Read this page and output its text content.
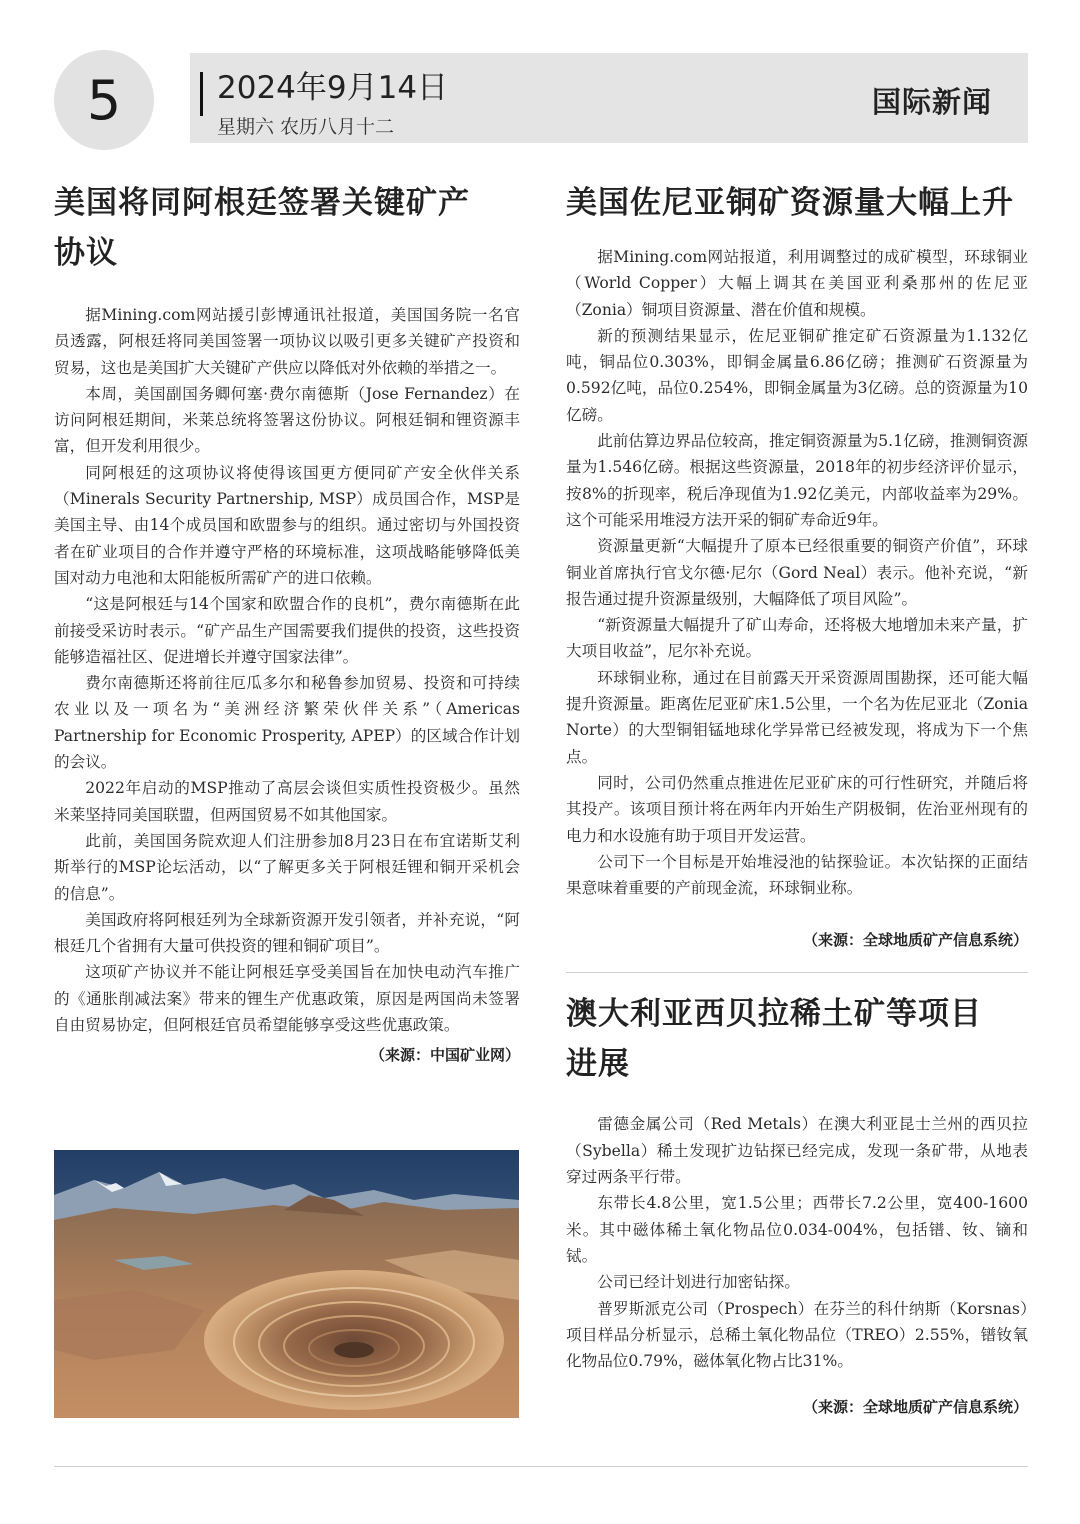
5	2024年9月14日
星期六 农历八月十二
国际新闻
美国将同阿根廷签署关键矿产
协议

据Mining.com网站援引彭博通讯社报道，美国国务院一名官员透露，阿根廷将同美国签署一项协议以吸引更多关键矿产投资和贸易，这也是美国扩大关键矿产供应以降低对外依赖的举措之一。

本周，美国副国务卿何塞·费尔南德斯（Jose Fernandez）在访问阿根廷期间，米莱总统将签署这份协议。阿根廷铜和锂资源丰富，但开发利用很少。

同阿根廷的这项协议将使得该国更方便同矿产安全伙伴关系（Minerals Security Partnership, MSP）成员国合作，MSP是美国主导、由14个成员国和欧盟参与的组织。通过密切与外国投资者在矿业项目的合作并遵守严格的环境标准，这项战略能够降低美国对动力电池和太阳能板所需矿产的进口依赖。

“这是阿根廷与14个国家和欧盟合作的良机”，费尔南德斯在此前接受采访时表示。“矿产品生产国需要我们提供的投资，这些投资能够造福社区、促进增长并遵守国家法律”。

费尔南德斯还将前往厄瓜多尔和秘鲁参加贸易、投资和可持续农业以及一项名为“美洲经济繁荣伙伴关系”（Americas Partnership for Economic Prosperity, APEP）的区域合作计划的会议。

2022年启动的MSP推动了高层会谈但实质性投资极少。虽然米莱坚持同美国联盟，但两国贸易不如其他国家。

此前，美国国务院欢迎人们注册参加8月23日在布宜诺斯艾利斯举行的MSP论坛活动，以“了解更多关于阿根廷锂和铜开采机会的信息”。

美国政府将阿根廷列为全球新资源开发引领者，并补充说，“阿根廷几个省拥有大量可供投资的锂和铜矿项目”。

这项矿产协议并不能让阿根廷享受美国旨在加快电动汽车推广的《通胀削减法案》带来的锂生产优惠政策，原因是两国尚未签署自由贸易协定，但阿根廷官员希望能够享受这些优惠政策。

（来源：中国矿业网）

美国佐尼亚铜矿资源量大幅上升

据Mining.com网站报道，利用调整过的成矿模型，环球铜业（World Copper）大幅上调其在美国亚利桑那州的佐尼亚（Zonia）铜项目资源量、潜在价值和规模。

新的预测结果显示，佐尼亚铜矿推定矿石资源量为1.132亿吨，铜品位0.303%，即铜金属量6.86亿磅；推测矿石资源量为0.592亿吨，品位0.254%，即铜金属量为3亿磅。总的资源量为10亿磅。

此前估算边界品位较高，推定铜资源量为5.1亿磅，推测铜资源量为1.546亿磅。根据这些资源量，2018年的初步经济评价显示，按8%的折现率，税后净现值为1.92亿美元，内部收益率为29%。这个可能采用堆浸方法开采的铜矿寿命近9年。

资源量更新“大幅提升了原本已经很重要的铜资产价值”，环球铜业首席执行官戈尔德·尼尔（Gord Neal）表示。他补充说，“新报告通过提升资源量级别，大幅降低了项目风险”。

“新资源量大幅提升了矿山寿命，还将极大地增加未来产量，扩大项目收益”，尼尔补充说。

环球铜业称，通过在目前露天开采资源周围勘探，还可能大幅提升资源量。距离佐尼亚矿床1.5公里，一个名为佐尼亚北（Zonia Norte）的大型铜钼锰地球化学异常已经被发现，将成为下一个焦点。

同时，公司仍然重点推进佐尼亚矿床的可行性研究，并随后将其投产。该项目预计将在两年内开始生产阴极铜，佐治亚州现有的电力和水设施有助于项目开发运营。

公司下一个目标是开始堆浸池的钻探验证。本次钻探的正面结果意味着重要的产前现金流，环球铜业称。

（来源：全球地质矿产信息系统）

澳大利亚西贝拉稀土矿等项目
进展

雷德金属公司（Red Metals）在澳大利亚昆士兰州的西贝拉（Sybella）稀土发现扩边钻探已经完成，发现一条矿带，从地表穿过两条平行带。

东带长4.8公里，宽1.5公里；西带长7.2公里，宽400-1600米。其中磁体稀土氧化物品位0.034-004%，包括镨、钕、镝和铽。

公司已经计划进行加密钻探。

普罗斯派克公司（Prospech）在芬兰的科什纳斯（Korsnas）项目样品分析显示，总稀土氧化物品位（TREO）2.55%，镨钕氧化物品位0.79%，磁体氧化物占比31%。

（来源：全球地质矿产信息系统）
